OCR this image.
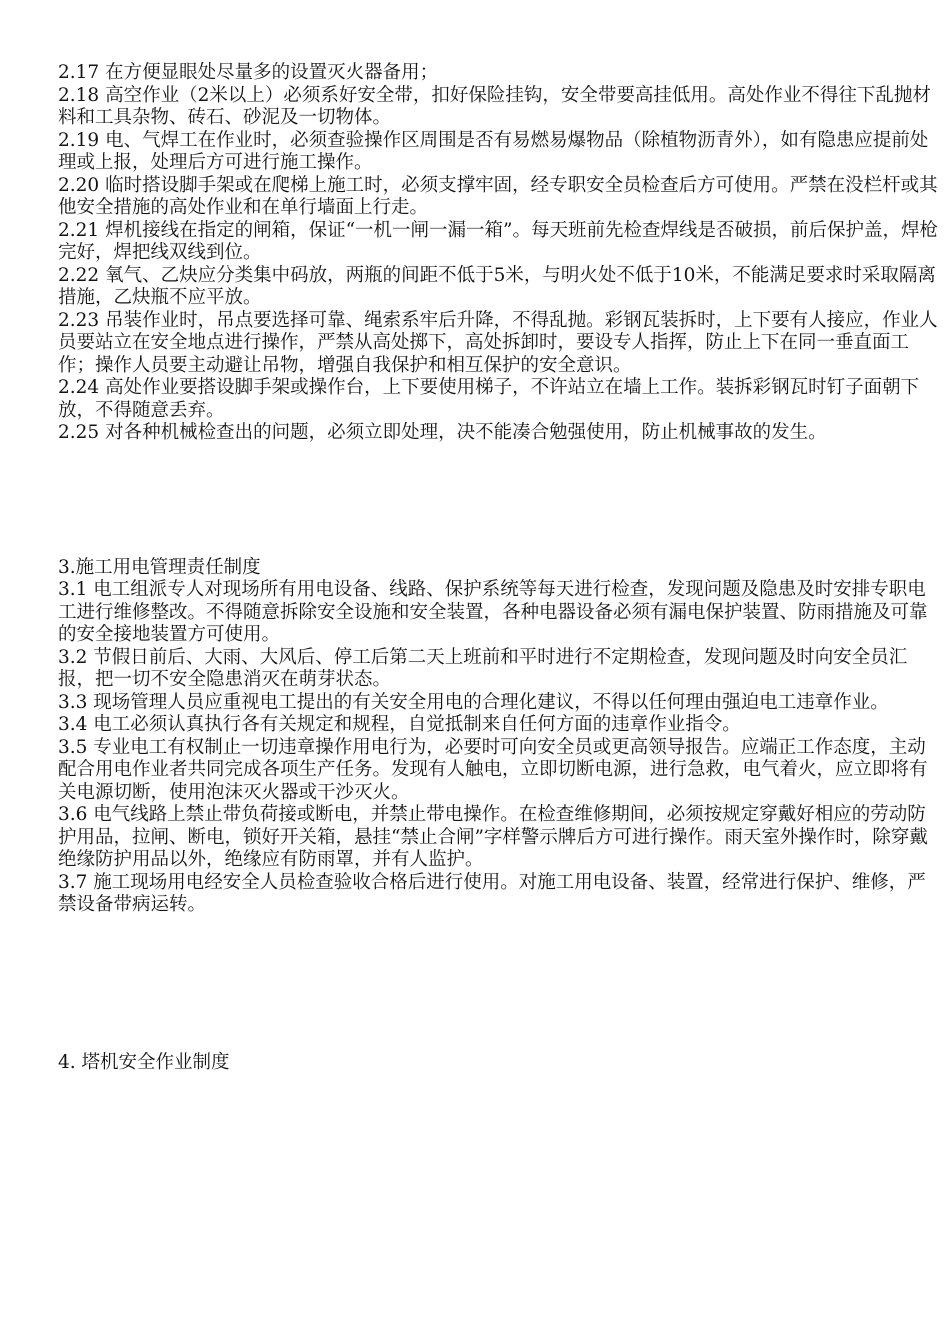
2.17 在方便显眼处尽量多的设置灭火器备用；

2.18 高空作业（2米以上）必须系好安全带，扣好保险挂钩，安全带要高挂低用。高处作业不得往下乱抛材料和工具杂物、砖石、砂泥及一切物体。

2.19 电、气焊工在作业时，必须查验操作区周围是否有易燃易爆物品（除植物沥青外），如有隐患应提前处理或上报，处理后方可进行施工操作。

2.20 临时搭设脚手架或在爬梯上施工时，必须支撑牢固，经专职安全员检查后方可使用。严禁在没栏杆或其他安全措施的高处作业和在单行墙面上行走。

2.21 焊机接线在指定的闸箱，保证“一机一闸一漏一箱”。每天班前先检查焊线是否破损，前后保护盖，焊枪完好，焊把线双线到位。

2.22 氧气、乙炔应分类集中码放，两瓶的间距不低于5米，与明火处不低于10米，不能满足要求时采取隔离措施，乙炔瓶不应平放。

2.23 吊装作业时，吊点要选择可靠、绳索系牢后升降，不得乱抛。彩钢瓦装拆时，上下要有人接应，作业人员要站立在安全地点进行操作，严禁从高处掷下，高处拆卸时，要设专人指挥，防止上下在同一垂直面工作；操作人员要主动避让吊物，增强自我保护和相互保护的安全意识。

2.24 高处作业要搭设脚手架或操作台，上下要使用梯子，不许站立在墙上工作。装拆彩钢瓦时钉子面朝下放，不得随意丢弃。

2.25 对各种机械检查出的问题，必须立即处理，决不能凑合勉强使用，防止机械事故的发生。

3.施工用电管理责任制度

3.1 电工组派专人对现场所有用电设备、线路、保护系统等每天进行检查，发现问题及隐患及时安排专职电工进行维修整改。不得随意拆除安全设施和安全装置，各种电器设备必须有漏电保护装置、防雨措施及可靠的安全接地装置方可使用。

3.2 节假日前后、大雨、大风后、停工后第二天上班前和平时进行不定期检查，发现问题及时向安全员汇报，把一切不安全隐患消灭在萌芽状态。

3.3 现场管理人员应重视电工提出的有关安全用电的合理化建议，不得以任何理由强迫电工违章作业。

3.4 电工必须认真执行各有关规定和规程，自觉抵制来自任何方面的违章作业指令。

3.5 专业电工有权制止一切违章操作用电行为，必要时可向安全员或更高领导报告。应端正工作态度，主动配合用电作业者共同完成各项生产任务。发现有人触电，立即切断电源，进行急救，电气着火，应立即将有关电源切断，使用泡沫灭火器或干沙灭火。

3.6 电气线路上禁止带负荷接或断电，并禁止带电操作。在检查维修期间，必须按规定穿戴好相应的劳动防护用品，拉闸、断电，锁好开关箱，悬挂“禁止合闸”字样警示牌后方可进行操作。雨天室外操作时，除穿戴绝缘防护用品以外，绝缘应有防雨罩，并有人监护。

3.7 施工现场用电经安全人员检查验收合格后进行使用。对施工用电设备、装置，经常进行保护、维修，严禁设备带病运转。

4. 塔机安全作业制度
